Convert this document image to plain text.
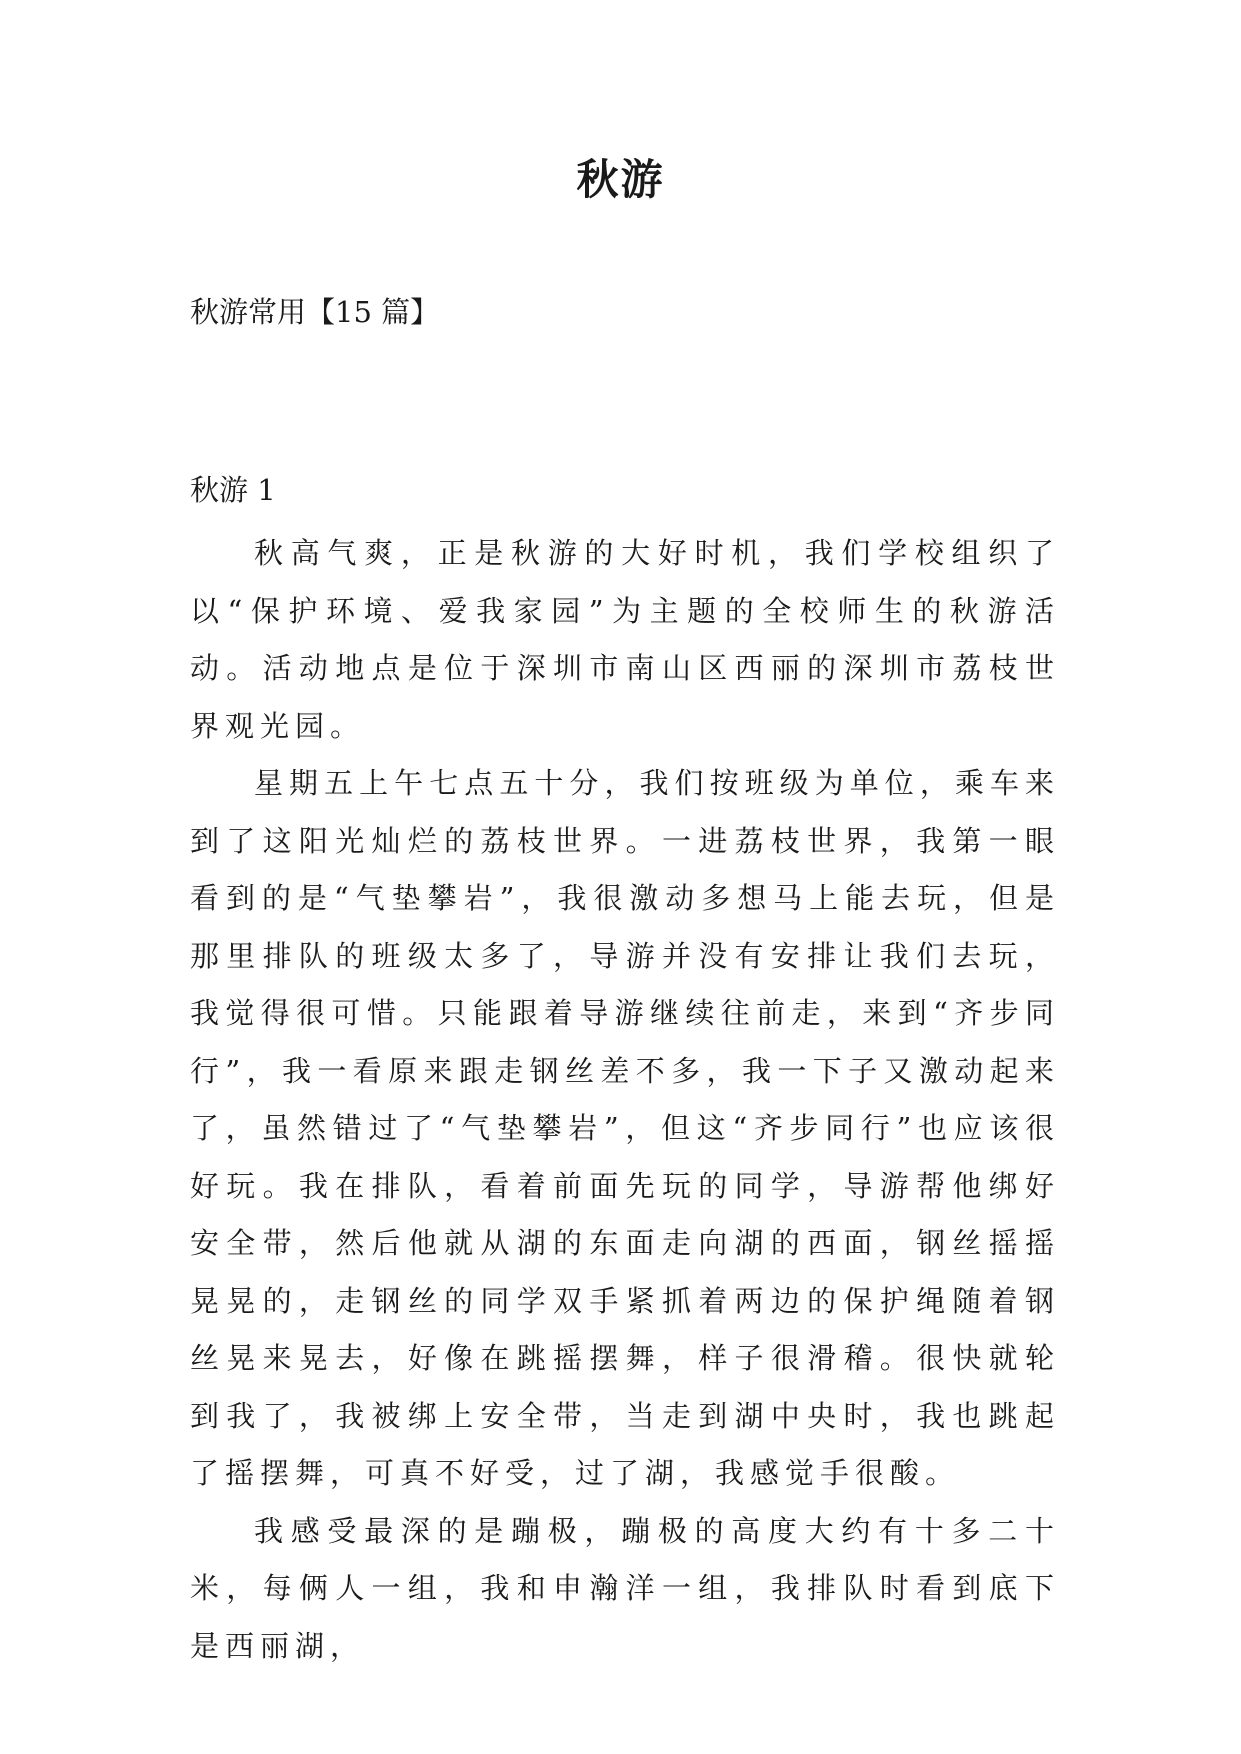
秋游
秋游常用【15 篇】
秋游 1

秋高气爽，正是秋游的大好时机，我们学校组织了以“保护环境、爱我家园”为主题的全校师生的秋游活动。活动地点是位于深圳市南山区西丽的深圳市荔枝世界观光园。

星期五上午七点五十分，我们按班级为单位，乘车来到了这阳光灿烂的荔枝世界。一进荔枝世界，我第一眼看到的是“气垫攀岩”，我很激动多想马上能去玩，但是那里排队的班级太多了，导游并没有安排让我们去玩，我觉得很可惜。只能跟着导游继续往前走，来到“齐步同行”，我一看原来跟走钢丝差不多，我一下子又激动起来了，虽然错过了“气垫攀岩”，但这“齐步同行”也应该很好玩。我在排队，看着前面先玩的同学，导游帮他绑好安全带，然后他就从湖的东面走向湖的西面，钢丝摇摇晃晃的，走钢丝的同学双手紧抓着两边的保护绳随着钢丝晃来晃去，好像在跳摇摆舞，样子很滑稽。很快就轮到我了，我被绑上安全带，当走到湖中央时，我也跳起了摇摆舞，可真不好受，过了湖，我感觉手很酸。

我感受最深的是蹦极，蹦极的高度大约有十多二十米，每俩人一组，我和申瀚洋一组，我排队时看到底下是西丽湖，
